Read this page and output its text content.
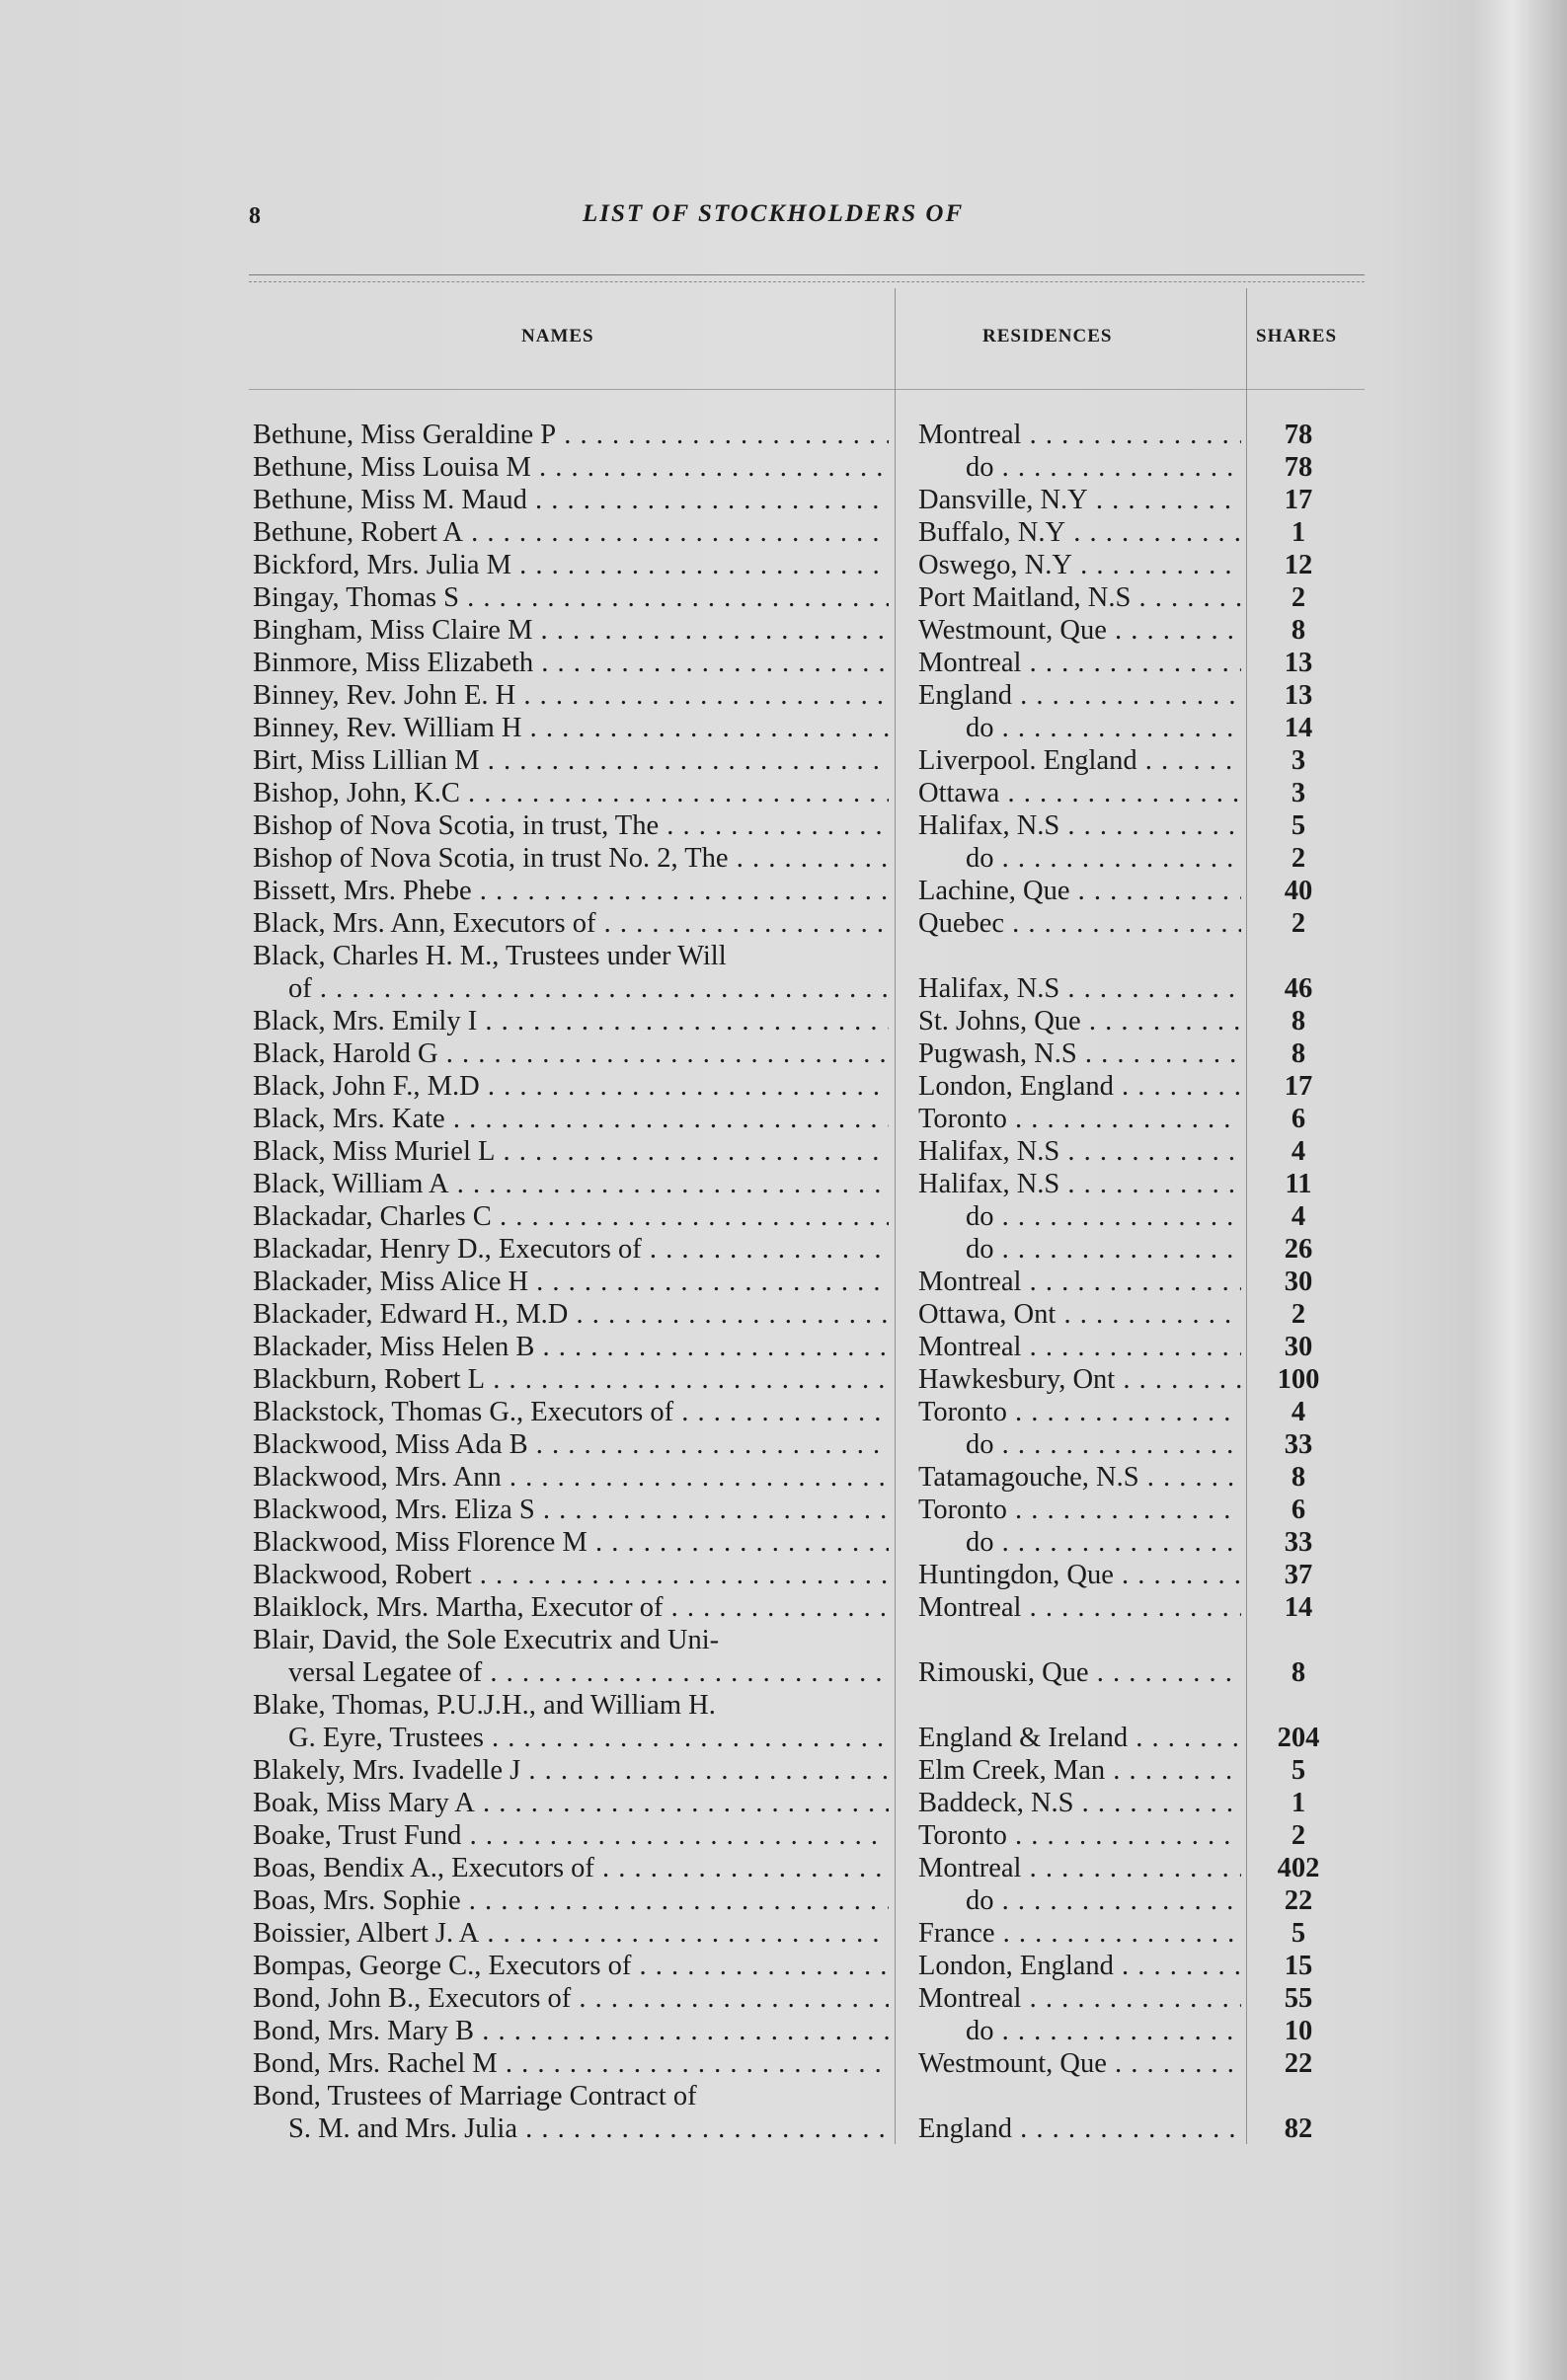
8	LIST OF STOCKHOLDERS OF
NAMES	RESIDENCES	SHARES
Bethune, Miss Geraldine P . . .	Montreal . . .	78
Bethune, Miss Louisa M . . .	do . . .	78
Bethune, Miss M. Maud . . .	Dansville, N.Y . . .	17
Bethune, Robert A . . .	Buffalo, N.Y . . .	1
Bickford, Mrs. Julia M . . .	Oswego, N.Y . . .	12
Bingay, Thomas S . . .	Port Maitland, N.S . . .	2
Bingham, Miss Claire M . . .	Westmount, Que . . .	8
Binmore, Miss Elizabeth . . .	Montreal . . .	13
Binney, Rev. John E. H . . .	England . . .	13
Binney, Rev. William H . . .	do . . .	14
Birt, Miss Lillian M . . .	Liverpool. England . . .	3
Bishop, John, K.C . . .	Ottawa . . .	3
Bishop of Nova Scotia, in trust, The . . .	Halifax, N.S . . .	5
Bishop of Nova Scotia, in trust No. 2, The . . .	do . . .	2
Bissett, Mrs. Phebe . . .	Lachine, Que . . .	40
Black, Mrs. Ann, Executors of . . .	Quebec . . .	2
Black, Charles H. M., Trustees under Will
of . . .	Halifax, N.S . . .	46
Black, Mrs. Emily I . . .	St. Johns, Que . . .	8
Black, Harold G . . .	Pugwash, N.S . . .	8
Black, John F., M.D . . .	London, England . . .	17
Black, Mrs. Kate . . .	Toronto . . .	6
Black, Miss Muriel L . . .	Halifax, N.S . . .	4
Black, William A . . .	Halifax, N.S . . .	11
Blackadar, Charles C . . .	do . . .	4
Blackadar, Henry D., Executors of . . .	do . . .	26
Blackader, Miss Alice H . . .	Montreal . . .	30
Blackader, Edward H., M.D . . .	Ottawa, Ont . . .	2
Blackader, Miss Helen B . . .	Montreal . . .	30
Blackburn, Robert L . . .	Hawkesbury, Ont . . .	100
Blackstock, Thomas G., Executors of . . .	Toronto . . .	4
Blackwood, Miss Ada B . . .	do . . .	33
Blackwood, Mrs. Ann . . .	Tatamagouche, N.S . . .	8
Blackwood, Mrs. Eliza S . . .	Toronto . . .	6
Blackwood, Miss Florence M . . .	do . . .	33
Blackwood, Robert . . .	Huntingdon, Que . . .	37
Blaiklock, Mrs. Martha, Executor of . . .	Montreal . . .	14
Blair, David, the Sole Executrix and Uni-
versal Legatee of . . .	Rimouski, Que . . .	8
Blake, Thomas, P.U.J.H., and William H.
G. Eyre, Trustees . . .	England & Ireland . . .	204
Blakely, Mrs. Ivadelle J . . .	Elm Creek, Man . . .	5
Boak, Miss Mary A . . .	Baddeck, N.S . . .	1
Boake, Trust Fund . . .	Toronto . . .	2
Boas, Bendix A., Executors of . . .	Montreal . . .	402
Boas, Mrs. Sophie . . .	do . . .	22
Boissier, Albert J. A . . .	France . . .	5
Bompas, George C., Executors of . . .	London, England . . .	15
Bond, John B., Executors of . . .	Montreal . . .	55
Bond, Mrs. Mary B . . .	do . . .	10
Bond, Mrs. Rachel M . . .	Westmount, Que . . .	22
Bond, Trustees of Marriage Contract of
S. M. and Mrs. Julia . . .	England . . .	82
